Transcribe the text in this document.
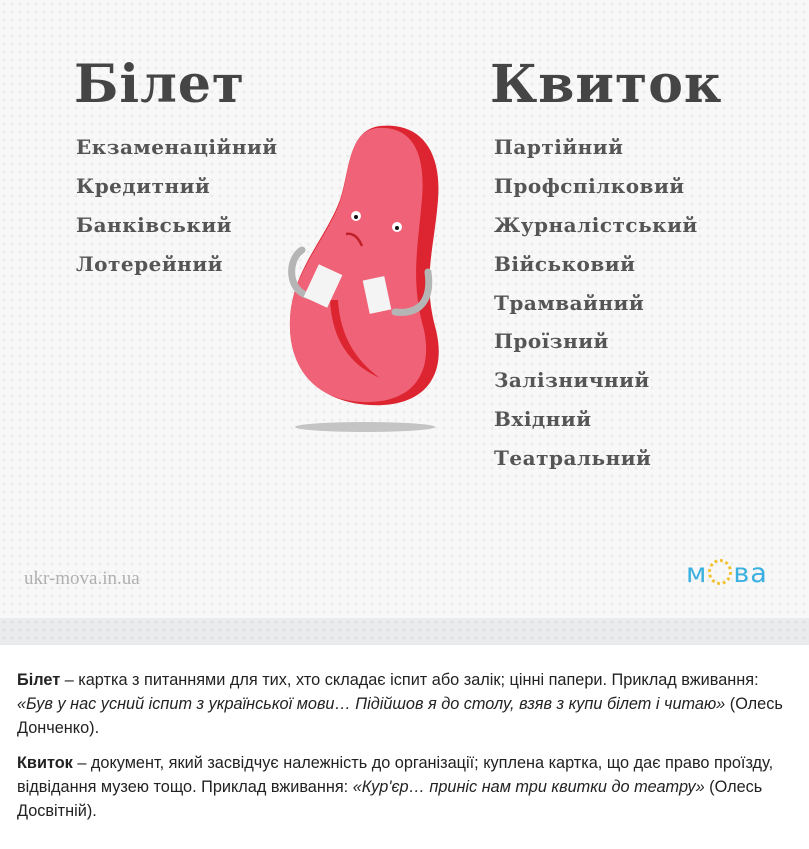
Білет	Квиток
Екзаменаційний
Кредитний
Банківський
Лотерейний
Партійний
Профспілковий
Журналістський
Військовий
Трамвайний
Проїзний
Залізничний
Вхідний
Театральний
ukr-mova.in.ua	м ва

Білет – картка з питаннями для тих, хто складає іспит або залік; цінні папери. Приклад вживання: «Був у нас усний іспит з української мови… Підійшов я до столу, взяв з купи білет і читаю» (Олесь Донченко).

Квиток – документ, який засвідчує належність до організації; куплена картка, що дає право проїзду, відвідання музею тощо. Приклад вживання: «Кур'єр… приніс нам три квитки до театру» (Олесь Досвітній).
